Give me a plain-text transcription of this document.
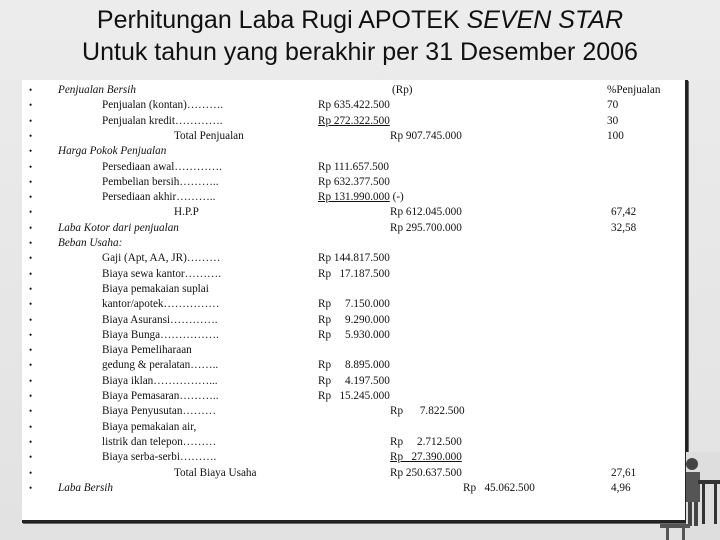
Perhitungan Laba Rugi APOTEK SEVEN STAR
Untuk tahun yang berakhir per 31 Desember 2006
• Penjualan Bersih	(Rp)	%Penjualan
•	Penjualan (kontan)……….	Rp 635.422.500	70
•	Penjualan kredit………….	Rp 272.322.500	30
•	Total Penjualan	Rp 907.745.000	100
• Harga Pokok Penjualan
•	Persediaan awal………….	Rp 111.657.500
•	Pembelian bersih………..	Rp 632.377.500
•	Persediaan akhir………..	Rp 131.990.000 (-)
•	H.P.P	Rp 612.045.000	67,42
• Laba Kotor dari penjualan	Rp 295.700.000	32,58
• Beban Usaha:
•	Gaji (Apt, AA, JR)………	Rp 144.817.500
•	Biaya sewa kantor……….	Rp   17.187.500
•	Biaya pemakaian suplai
•	kantor/apotek……………	Rp     7.150.000
•	Biaya Asuransi………….	Rp     9.290.000
•	Biaya Bunga…………….	Rp     5.930.000
•	Biaya Pemeliharaan
•	gedung & peralatan……..	Rp     8.895.000
•	Biaya iklan……………...	Rp     4.197.500
•	Biaya Pemasaran………..	Rp   15.245.000
•	Biaya Penyusutan………	Rp      7.822.500
•	Biaya pemakaian air,
•	listrik dan telepon………	Rp     2.712.500
•	Biaya serba-serbi……….	Rp   27.390.000
•	Total Biaya Usaha	Rp 250.637.500	27,61
• Laba Bersih	Rp   45.062.500	4,96
